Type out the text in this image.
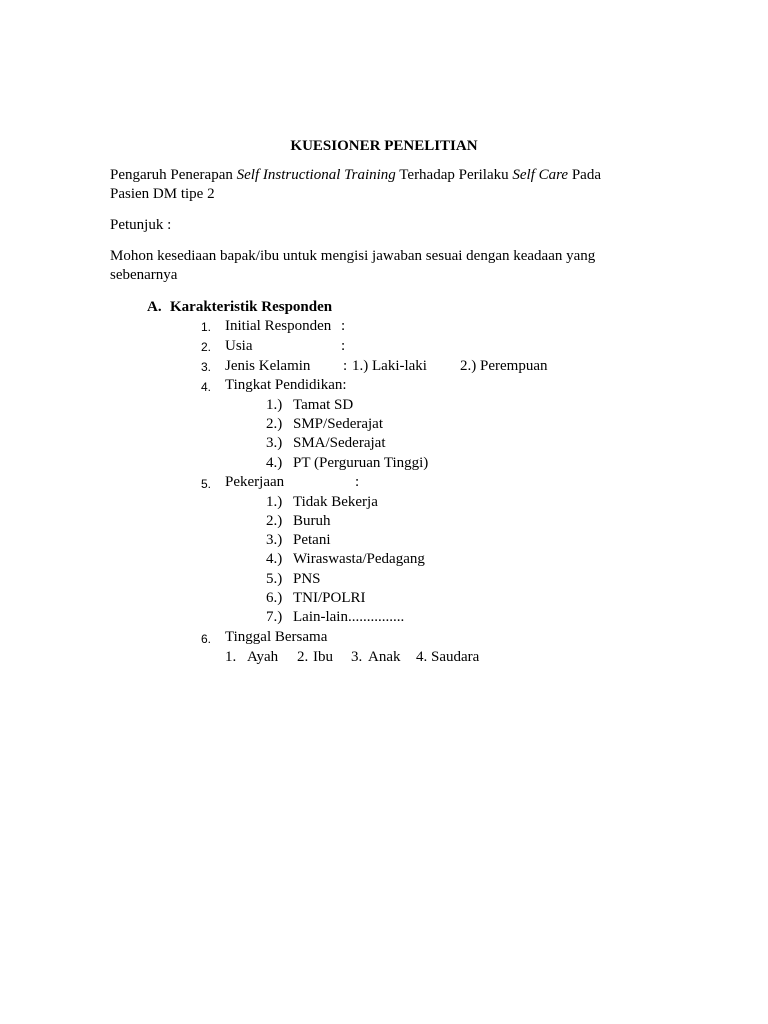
KUESIONER PENELITIAN
Pengaruh Penerapan Self Instructional Training Terhadap Perilaku Self Care Pada
Pasien DM tipe 2
Petunjuk :
Mohon kesediaan bapak/ibu untuk mengisi jawaban sesuai dengan keadaan yang
sebenarnya
A. Karakteristik Responden
1. Initial Responden :
2. Usia	:
3. Jenis Kelamin : 1.) Laki-laki 2.) Perempuan
4. Tingkat Pendidikan:
1.) Tamat SD
2.) SMP/Sederajat
3.) SMA/Sederajat
4.) PT (Perguruan Tinggi)
5. Pekerjaan	:
1.) Tidak Bekerja
2.) Buruh
3.) Petani
4.) Wiraswasta/Pedagang
5.) PNS
6.) TNI/POLRI
7.) Lain-lain...............
6. Tinggal Bersama
1. Ayah 2. Ibu 3. Anak 4. Saudara
